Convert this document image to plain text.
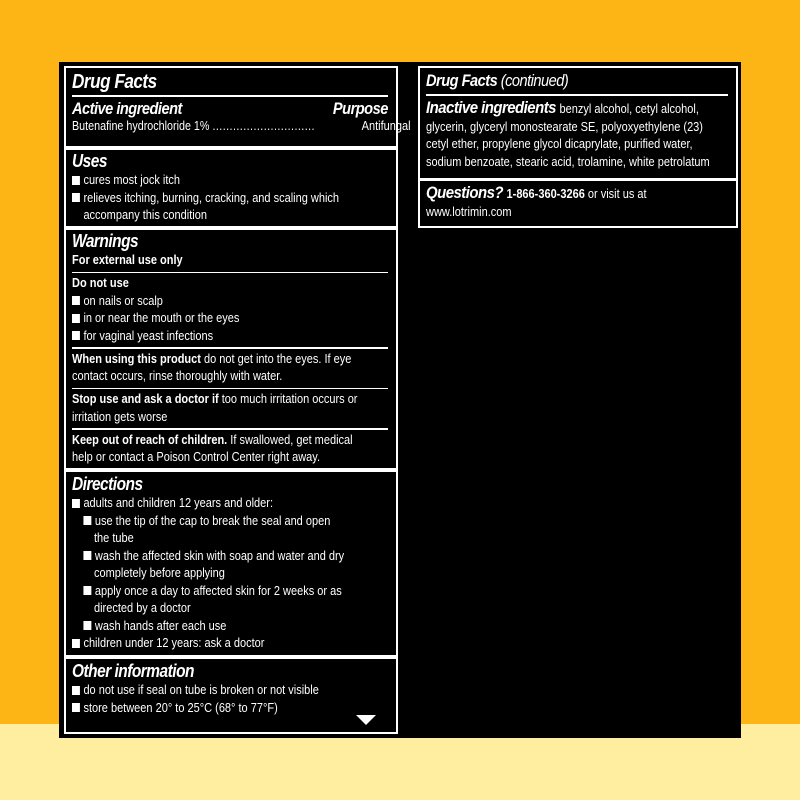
Drug Facts
Active ingredient	Purpose
Butenafine hydrochloride 1% ..............................	Antifungal
Uses
cures most jock itch
relieves itching, burning, cracking, and scaling which
accompany this condition
Warnings
For external use only
Do not use
on nails or scalp
in or near the mouth or the eyes
for vaginal yeast infections
When using this product do not get into the eyes. If eye
contact occurs, rinse thoroughly with water.
Stop use and ask a doctor if too much irritation occurs or
irritation gets worse
Keep out of reach of children. If swallowed, get medical
help or contact a Poison Control Center right away.
Directions
adults and children 12 years and older:
use the tip of the cap to break the seal and open
the tube
wash the affected skin with soap and water and dry
completely before applying
apply once a day to affected skin for 2 weeks or as
directed by a doctor
wash hands after each use
children under 12 years: ask a doctor
Other information
do not use if seal on tube is broken or not visible
store between 20° to 25°C (68° to 77°F)
Drug Facts (continued)
Inactive ingredients benzyl alcohol, cetyl alcohol,
glycerin, glyceryl monostearate SE, polyoxyethylene (23)
cetyl ether, propylene glycol dicaprylate, purified water,
sodium benzoate, stearic acid, trolamine, white petrolatum
Questions? 1-866-360-3266 or visit us at
www.lotrimin.com
